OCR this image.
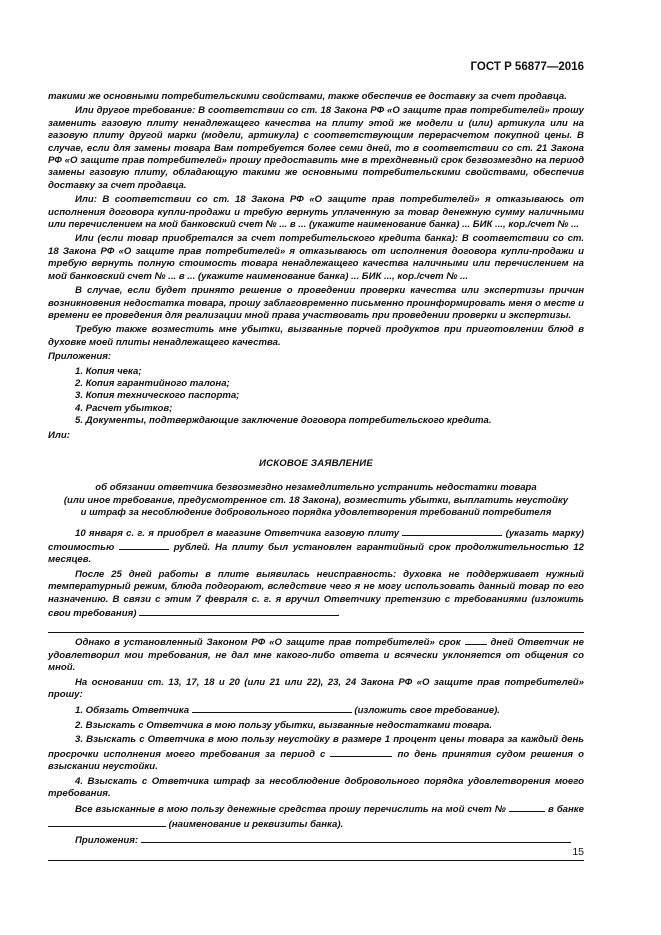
ГОСТ Р 56877—2016

такими же основными потребительскими свойствами, также обеспечив ее доставку за счет продавца.

Или другое требование: В соответствии со ст. 18 Закона РФ «О защите прав потребителей» прошу заменить газовую плиту ненадлежащего качества на плиту этой же модели и (или) артикула или на газовую плиту другой марки (модели, артикула) с соответствующим перерасчетом покупной цены. В случае, если для замены товара Вам потребуется более семи дней, то в соответствии со ст. 21 Закона РФ «О защите прав потребителей» прошу предоставить мне в трехдневный срок безвозмездно на период замены газовую плиту, обладающую такими же основными потребительскими свойствами, обеспечив доставку за счет продавца.

Или: В соответствии со ст. 18 Закона РФ «О защите прав потребителей» я отказываюсь от исполнения договора купли-продажи и требую вернуть уплаченную за товар денежную сумму наличными или перечислением на мой банковский счет № ... в ... (укажите наименование банка) ... БИК ..., кор./счет № ...

Или (если товар приобретался за счет потребительского кредита банка): В соответствии со ст. 18 Закона РФ «О защите прав потребителей» я отказываюсь от исполнения договора купли-продажи и требую вернуть полную стоимость товара ненадлежащего качества наличными или перечислением на мой банковский счет № ... в ... (укажите наименование банка) ... БИК ..., кор./счет № ...

В случае, если будет принято решение о проведении проверки качества или экспертизы причин возникновения недостатка товара, прошу заблаговременно письменно проинформировать меня о месте и времени ее проведения для реализации мной права участвовать при проведении проверки и экспертизы.

Требую также возместить мне убытки, вызванные порчей продуктов при приготовлении блюд в духовке моей плиты ненадлежащего качества.

Приложения:

1. Копия чека;
2. Копия гарантийного талона;
3. Копия технического паспорта;
4. Расчет убытков;
5. Документы, подтверждающие заключение договора потребительского кредита.

Или:

ИСКОВОЕ ЗАЯВЛЕНИЕ

об обязании ответчика безвозмездно незамедлительно устранить недостатки товара

(или иное требование, предусмотренное ст. 18 Закона), возместить убытки, выплатить неустойку

и штраф за несоблюдение добровольного порядка удовлетворения требований потребителя

10 января с. г. я приобрел в магазине Ответчика газовую плиту	(указать марку) стоимостью	рублей. На плиту был установлен гарантийный срок продолжительностью 12 месяцев.

После 25 дней работы в плите выявилась неисправность: духовка не поддерживает нужный температурный режим, блюда подгорают, вследствие чего я не могу использовать данный товар по его назначению. В связи с этим 7 февраля с. г. я вручил Ответчику претензию с требованиями (изложить свои требования)

Однако в установленный Законом РФ «О защите прав потребителей» срок	дней Ответчик не удовлетворил мои требования, не дал мне какого-либо ответа и всячески уклоняется от общения со мной.

На основании ст. 13, 17, 18 и 20 (или 21 или 22), 23, 24 Закона РФ «О защите прав потребителей» прошу:

1. Обязать Ответчика	(изложить свое требование).

2. Взыскать с Ответчика в мою пользу убытки, вызванные недостатками товара.

3. Взыскать с Ответчика в мою пользу неустойку в размере 1 процент цены товара за каждый день просрочки исполнения моего требования за период с	по день принятия судом решения о взыскании неустойки.

4. Взыскать с Ответчика штраф за несоблюдение добровольного порядка удовлетворения моего требования.

Все взысканные в мою пользу денежные средства прошу перечислить на мой счет №	в банке  (наименование и реквизиты банка).

Приложения:

15
